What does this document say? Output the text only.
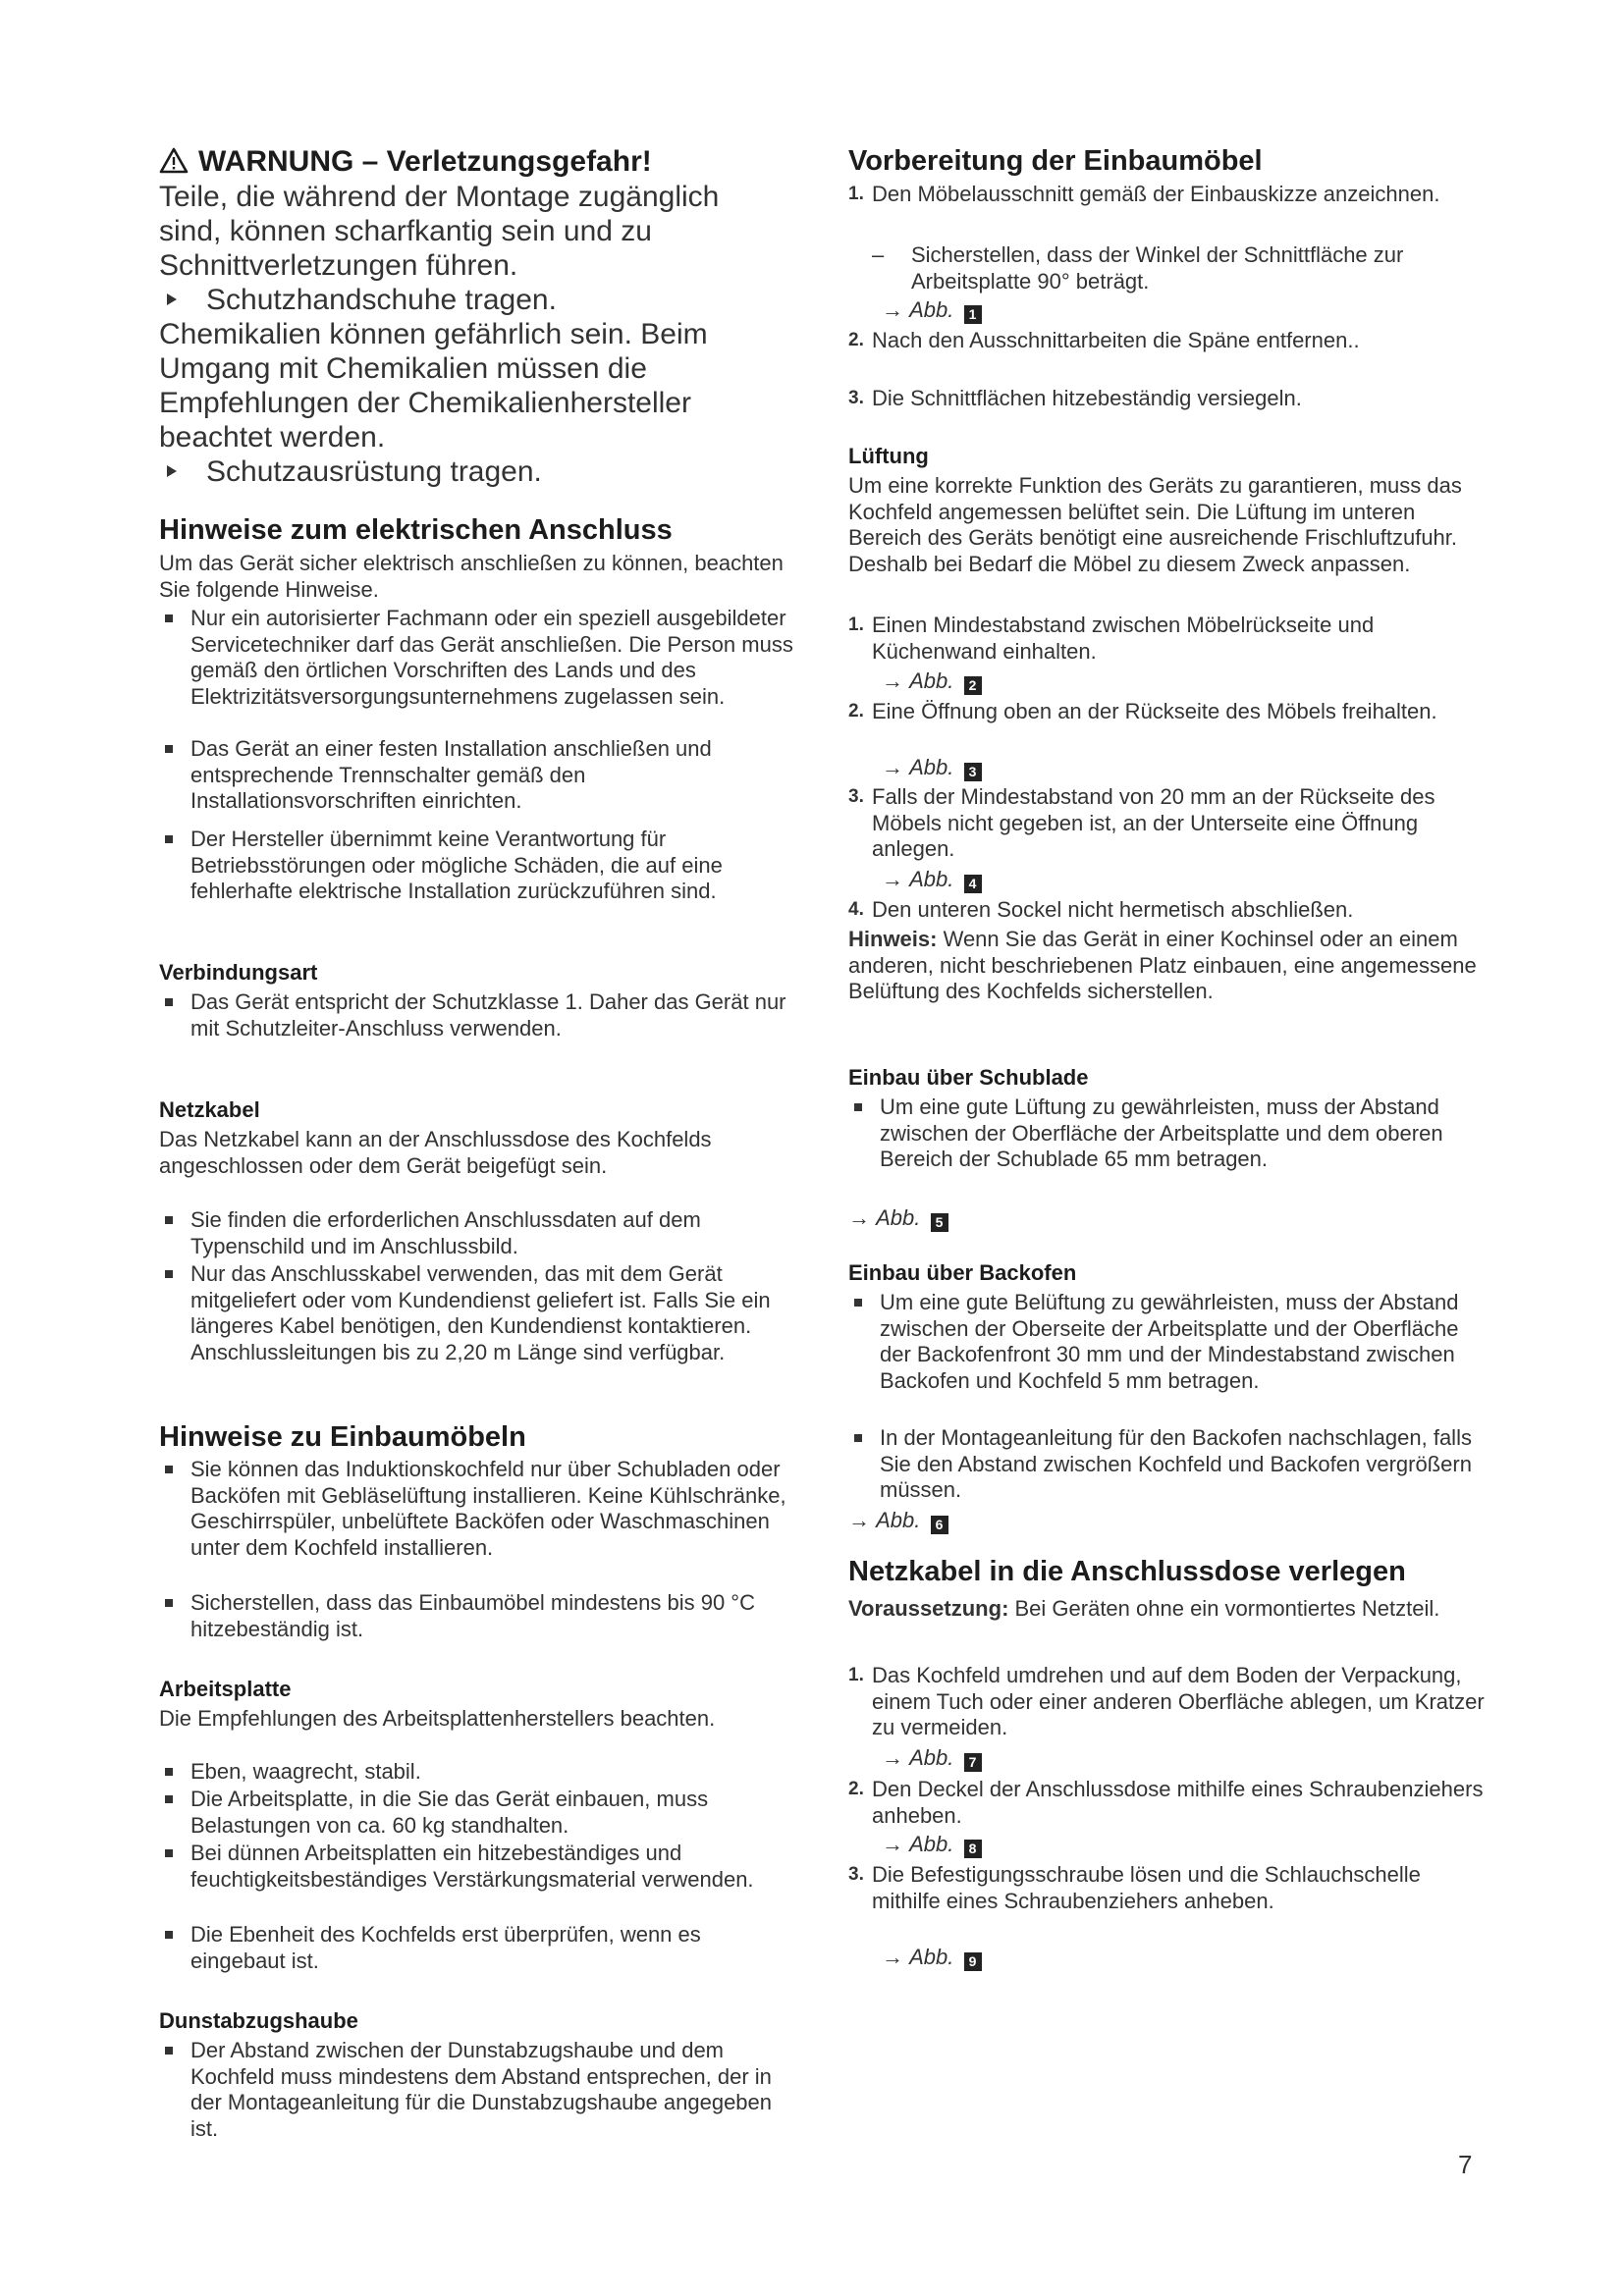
WARNUNG – Verletzungsgefahr!
Teile, die während der Montage zugänglich sind, können scharfkantig sein und zu Schnittverletzungen führen.
Schutzhandschuhe tragen.
Chemikalien können gefährlich sein. Beim Umgang mit Chemikalien müssen die Empfehlungen der Chemikalienhersteller beachtet werden.
Schutzausrüstung tragen.
Hinweise zum elektrischen Anschluss
Um das Gerät sicher elektrisch anschließen zu können, beachten Sie folgende Hinweise.
Nur ein autorisierter Fachmann oder ein speziell ausgebildeter Servicetechniker darf das Gerät anschließen. Die Person muss gemäß den örtlichen Vorschriften des Lands und des Elektrizitätsversorgungsunternehmens zugelassen sein.
Das Gerät an einer festen Installation anschließen und entsprechende Trennschalter gemäß den Installationsvorschriften einrichten.
Der Hersteller übernimmt keine Verantwortung für Betriebsstörungen oder mögliche Schäden, die auf eine fehlerhafte elektrische Installation zurückzuführen sind.
Verbindungsart
Das Gerät entspricht der Schutzklasse 1. Daher das Gerät nur mit Schutzleiter-Anschluss verwenden.
Netzkabel
Das Netzkabel kann an der Anschlussdose des Kochfelds angeschlossen oder dem Gerät beigefügt sein.
Sie finden die erforderlichen Anschlussdaten auf dem Typenschild und im Anschlussbild.
Nur das Anschlusskabel verwenden, das mit dem Gerät mitgeliefert oder vom Kundendienst geliefert ist. Falls Sie ein längeres Kabel benötigen, den Kundendienst kontaktieren. Anschlussleitungen bis zu 2,20 m Länge sind verfügbar.
Hinweise zu Einbaumöbeln
Sie können das Induktionskochfeld nur über Schubladen oder Backöfen mit Gebläselüftung installieren. Keine Kühlschränke, Geschirrspüler, unbelüftete Backöfen oder Waschmaschinen unter dem Kochfeld installieren.
Sicherstellen, dass das Einbaumöbel mindestens bis 90 °C hitzebeständig ist.
Arbeitsplatte
Die Empfehlungen des Arbeitsplattenherstellers beachten.
Eben, waagrecht, stabil.
Die Arbeitsplatte, in die Sie das Gerät einbauen, muss Belastungen von ca. 60 kg standhalten.
Bei dünnen Arbeitsplatten ein hitzebeständiges und feuchtigkeitsbeständiges Verstärkungsmaterial verwenden.
Die Ebenheit des Kochfelds erst überprüfen, wenn es eingebaut ist.
Dunstabzugshaube
Der Abstand zwischen der Dunstabzugshaube und dem Kochfeld muss mindestens dem Abstand entsprechen, der in der Montageanleitung für die Dunstabzugshaube angegeben ist.
Vorbereitung der Einbaumöbel
1. Den Möbelausschnitt gemäß der Einbauskizze anzeichnen.
–	Sicherstellen, dass der Winkel der Schnittfläche zur Arbeitsplatte 90° beträgt.
→ Abb. 1
2. Nach den Ausschnittarbeiten die Späne entfernen..
3. Die Schnittflächen hitzebeständig versiegeln.
Lüftung
Um eine korrekte Funktion des Geräts zu garantieren, muss das Kochfeld angemessen belüftet sein. Die Lüftung im unteren Bereich des Geräts benötigt eine ausreichende Frischluftzufuhr. Deshalb bei Bedarf die Möbel zu diesem Zweck anpassen.
1. Einen Mindestabstand zwischen Möbelrückseite und Küchenwand einhalten.
→ Abb. 2
2. Eine Öffnung oben an der Rückseite des Möbels freihalten.
→ Abb. 3
3. Falls der Mindestabstand von 20 mm an der Rückseite des Möbels nicht gegeben ist, an der Unterseite eine Öffnung anlegen.
→ Abb. 4
4. Den unteren Sockel nicht hermetisch abschließen.
Hinweis: Wenn Sie das Gerät in einer Kochinsel oder an einem anderen, nicht beschriebenen Platz einbauen, eine angemessene Belüftung des Kochfelds sicherstellen.
Einbau über Schublade
Um eine gute Lüftung zu gewährleisten, muss der Abstand zwischen der Oberfläche der Arbeitsplatte und dem oberen Bereich der Schublade 65 mm betragen.
→ Abb. 5
Einbau über Backofen
Um eine gute Belüftung zu gewährleisten, muss der Abstand zwischen der Oberseite der Arbeitsplatte und der Oberfläche der Backofenfront 30 mm und der Mindestabstand zwischen Backofen und Kochfeld 5 mm betragen.
In der Montageanleitung für den Backofen nachschlagen, falls Sie den Abstand zwischen Kochfeld und Backofen vergrößern müssen.
→ Abb. 6
Netzkabel in die Anschlussdose verlegen
Voraussetzung: Bei Geräten ohne ein vormontiertes Netzteil.
1. Das Kochfeld umdrehen und auf dem Boden der Verpackung, einem Tuch oder einer anderen Oberfläche ablegen, um Kratzer zu vermeiden.
→ Abb. 7
2. Den Deckel der Anschlussdose mithilfe eines Schraubenziehers anheben.
→ Abb. 8
3. Die Befestigungsschraube lösen und die Schlauchschelle mithilfe eines Schraubenziehers anheben.
→ Abb. 9
7
